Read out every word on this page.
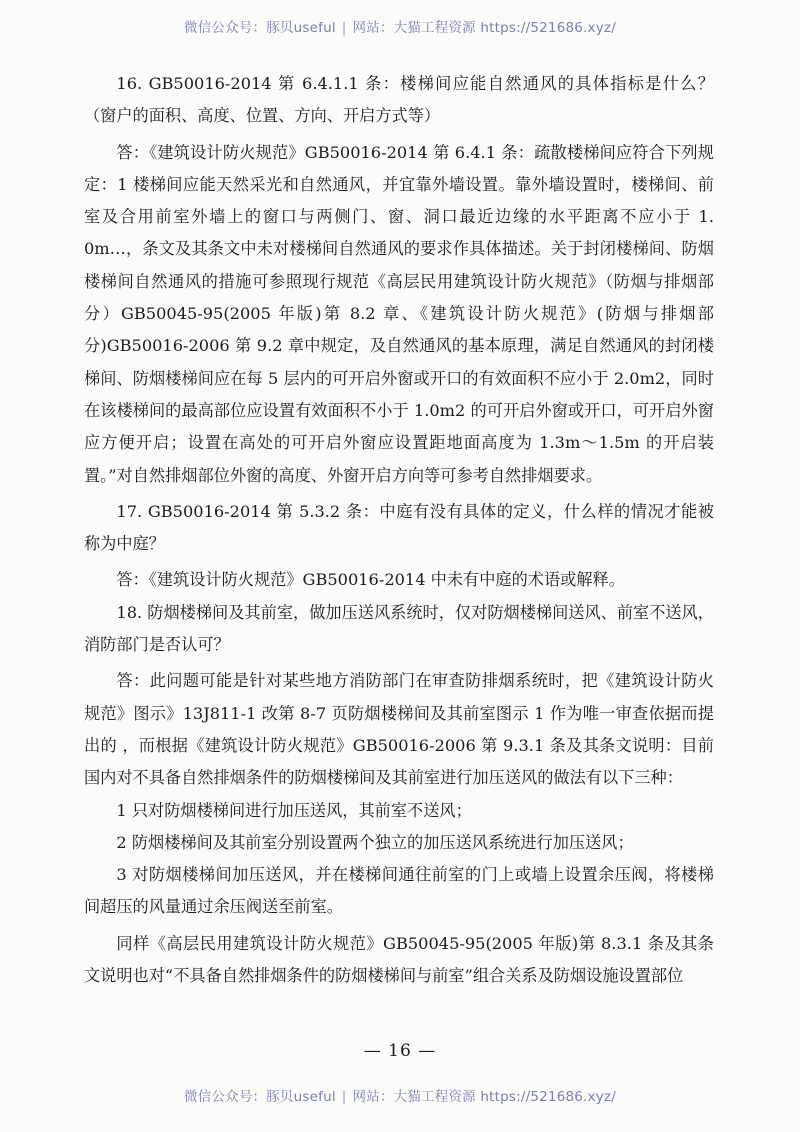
微信公众号：豚贝useful | 网站：大猫工程资源 https://521686.xyz/

16. GB50016-2014 第 6.4.1.1 条：楼梯间应能自然通风的具体指标是什么？（窗户的面积、高度、位置、方向、开启方式等）

答：《建筑设计防火规范》GB50016-2014 第 6.4.1 条：疏散楼梯间应符合下列规定：1 楼梯间应能天然采光和自然通风，并宜靠外墙设置。靠外墙设置时，楼梯间、前室及合用前室外墙上的窗口与两侧门、窗、洞口最近边缘的水平距离不应小于 1. 0m…，条文及其条文中未对楼梯间自然通风的要求作具体描述。关于封闭楼梯间、防烟楼梯间自然通风的措施可参照现行规范《高层民用建筑设计防火规范》（防烟与排烟部分）GB50045-95(2005 年版)第 8.2 章、《建筑设计防火规范》(防烟与排烟部分)GB50016-2006 第 9.2 章中规定，及自然通风的基本原理，满足自然通风的封闭楼梯间、防烟楼梯间应在每 5 层内的可开启外窗或开口的有效面积不应小于 2.0m2，同时在该楼梯间的最高部位应设置有效面积不小于 1.0m2 的可开启外窗或开口，可开启外窗应方便开启；设置在高处的可开启外窗应设置距地面高度为 1.3m～1.5m 的开启装置。”对自然排烟部位外窗的高度、外窗开启方向等可参考自然排烟要求。

17. GB50016-2014 第 5.3.2 条：中庭有没有具体的定义，什么样的情况才能被称为中庭？

答：《建筑设计防火规范》GB50016-2014 中未有中庭的术语或解释。

18. 防烟楼梯间及其前室，做加压送风系统时，仅对防烟楼梯间送风、前室不送风，消防部门是否认可？

答：此问题可能是针对某些地方消防部门在审查防排烟系统时，把《建筑设计防火规范》图示》13J811-1 改第 8-7 页防烟楼梯间及其前室图示 1 作为唯一审查依据而提出的 ，而根据《建筑设计防火规范》GB50016-2006 第 9.3.1 条及其条文说明：目前国内对不具备自然排烟条件的防烟楼梯间及其前室进行加压送风的做法有以下三种：

1 只对防烟楼梯间进行加压送风，其前室不送风；

2 防烟楼梯间及其前室分别设置两个独立的加压送风系统进行加压送风；

3 对防烟楼梯间加压送风，并在楼梯间通往前室的门上或墙上设置余压阀，将楼梯间超压的风量通过余压阀送至前室。

同样《高层民用建筑设计防火规范》GB50045-95(2005 年版)第 8.3.1 条及其条文说明也对“不具备自然排烟条件的防烟楼梯间与前室”组合关系及防烟设施设置部位

— 16 —
微信公众号：豚贝useful | 网站：大猫工程资源 https://521686.xyz/
